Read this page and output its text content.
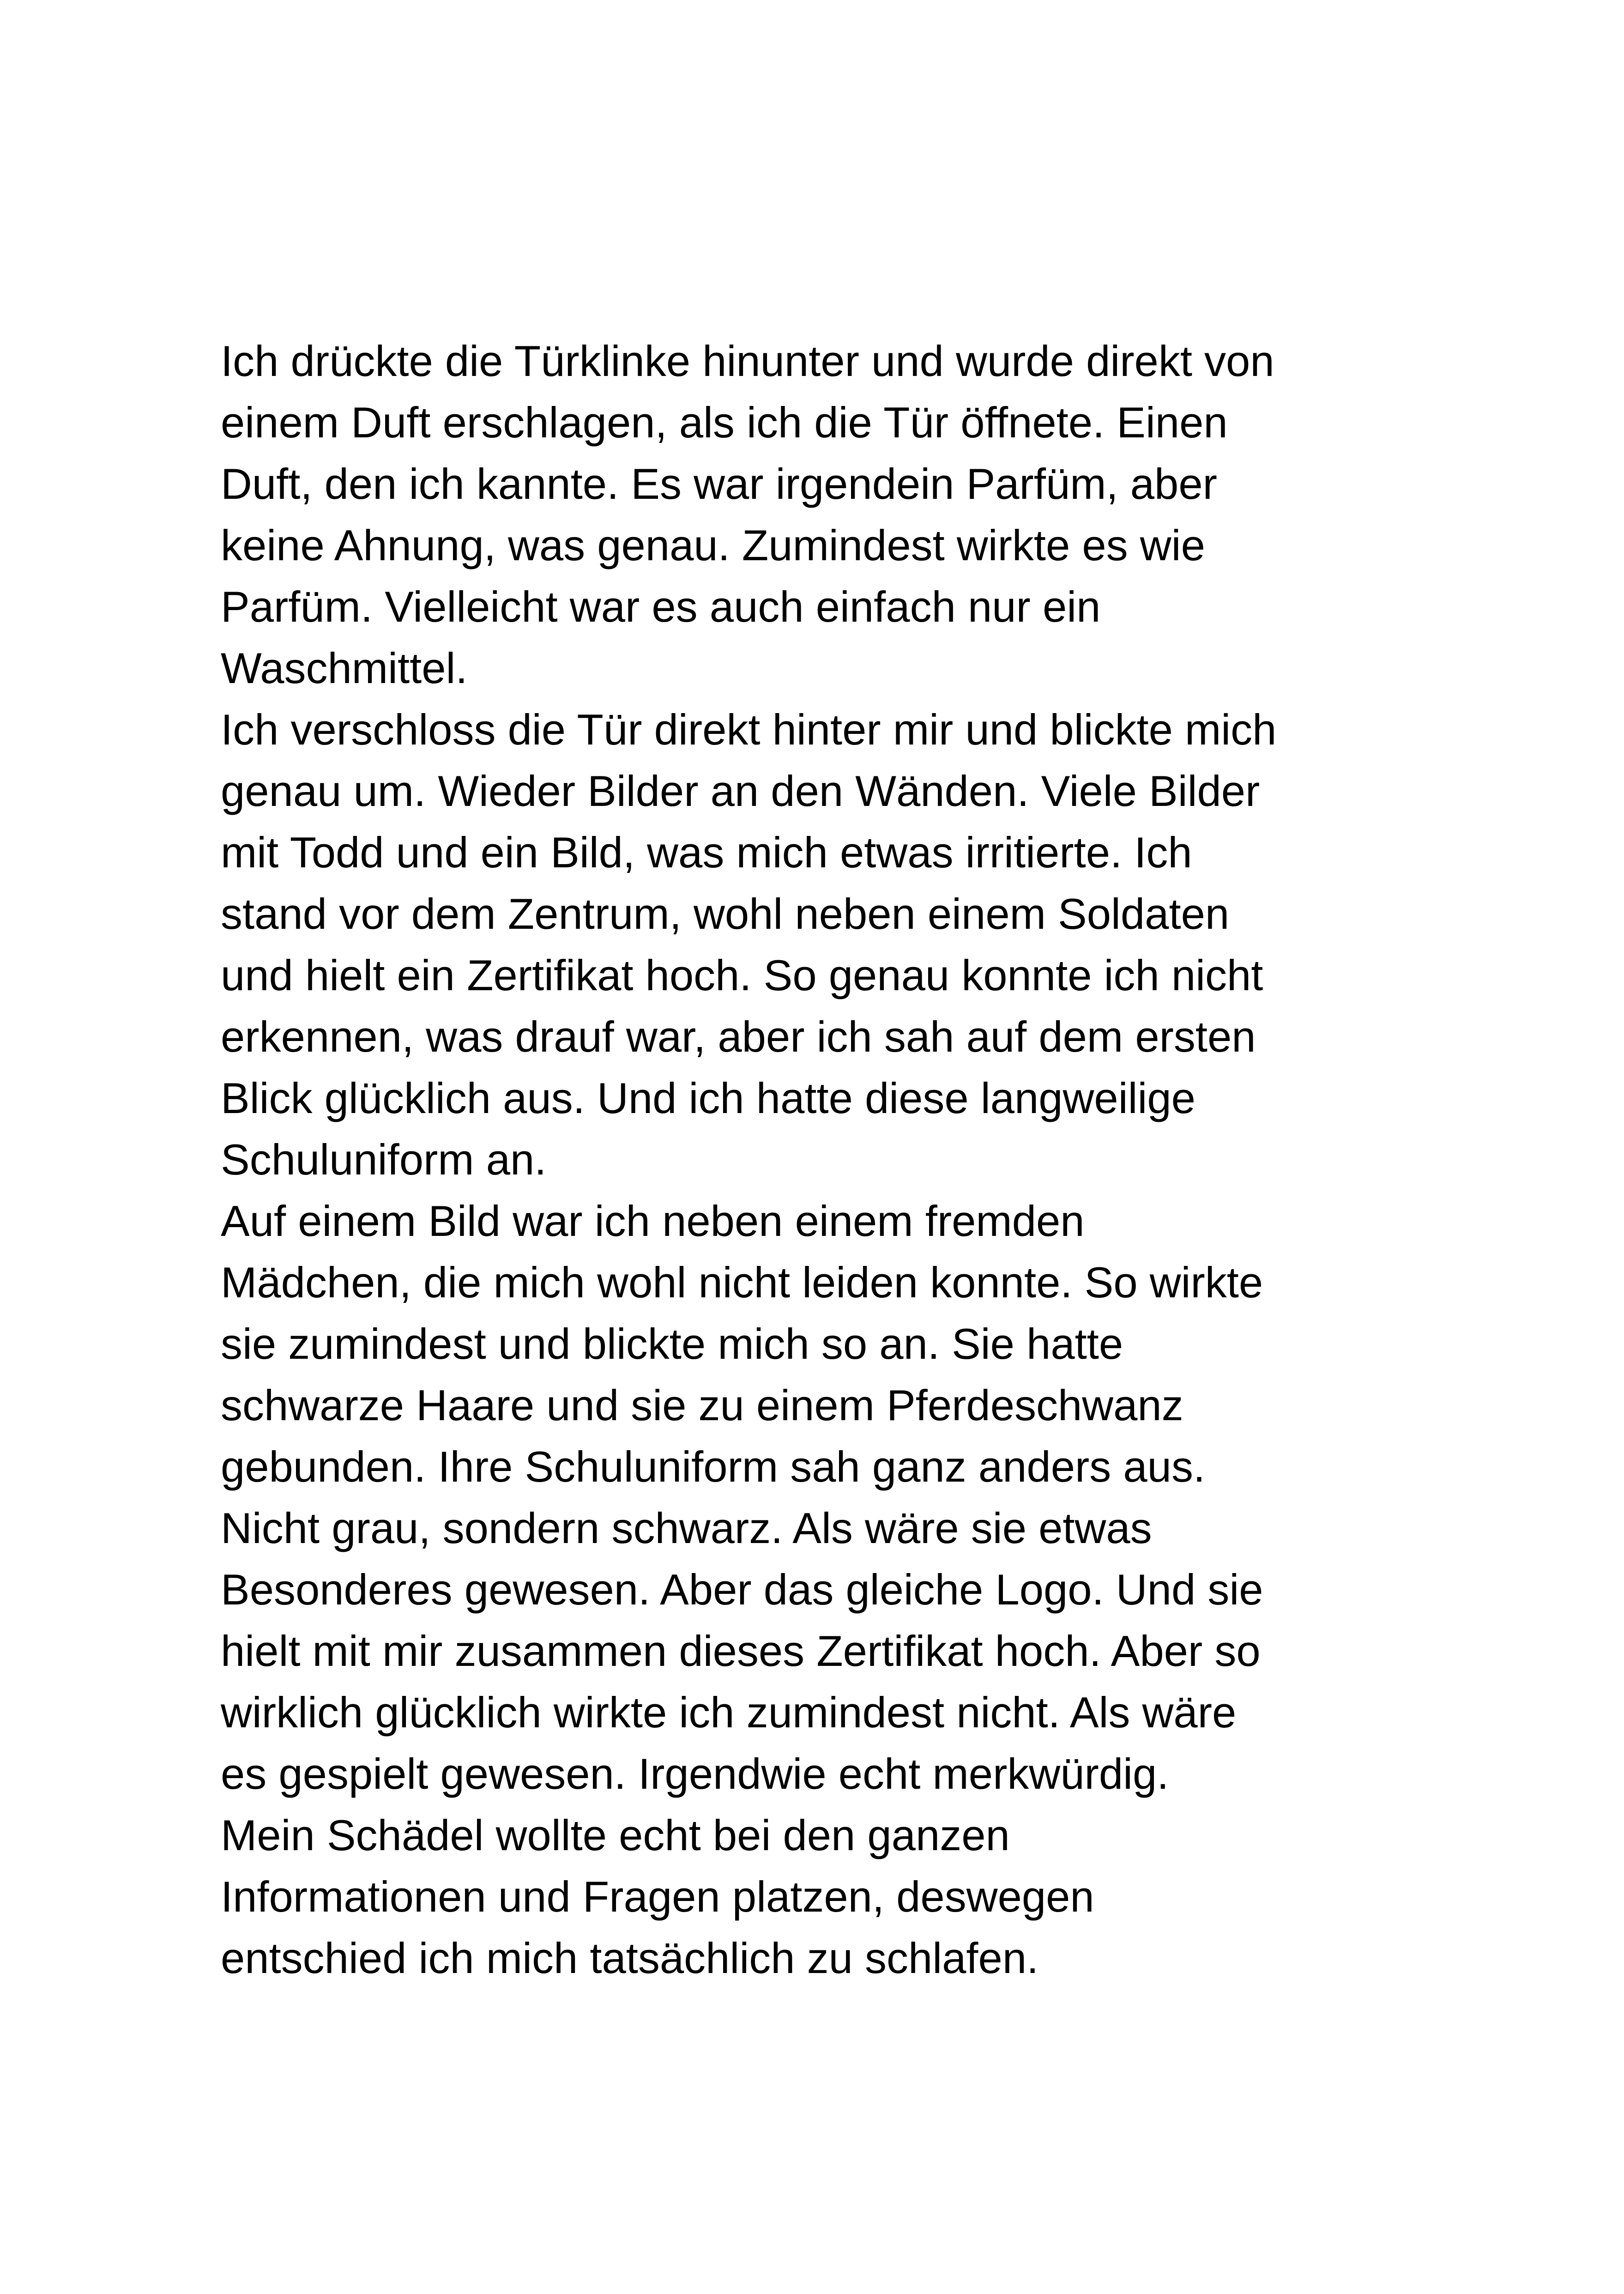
Ich drückte die Türklinke hinunter und wurde direkt von
einem Duft erschlagen, als ich die Tür öffnete. Einen
Duft, den ich kannte. Es war irgendein Parfüm, aber
keine Ahnung, was genau. Zumindest wirkte es wie
Parfüm. Vielleicht war es auch einfach nur ein
Waschmittel.
Ich verschloss die Tür direkt hinter mir und blickte mich
genau um. Wieder Bilder an den Wänden. Viele Bilder
mit Todd und ein Bild, was mich etwas irritierte. Ich
stand vor dem Zentrum, wohl neben einem Soldaten
und hielt ein Zertifikat hoch. So genau konnte ich nicht
erkennen, was drauf war, aber ich sah auf dem ersten
Blick glücklich aus. Und ich hatte diese langweilige
Schuluniform an.
Auf einem Bild war ich neben einem fremden
Mädchen, die mich wohl nicht leiden konnte. So wirkte
sie zumindest und blickte mich so an. Sie hatte
schwarze Haare und sie zu einem Pferdeschwanz
gebunden. Ihre Schuluniform sah ganz anders aus.
Nicht grau, sondern schwarz. Als wäre sie etwas
Besonderes gewesen. Aber das gleiche Logo. Und sie
hielt mit mir zusammen dieses Zertifikat hoch. Aber so
wirklich glücklich wirkte ich zumindest nicht. Als wäre
es gespielt gewesen. Irgendwie echt merkwürdig.
Mein Schädel wollte echt bei den ganzen
Informationen und Fragen platzen, deswegen
entschied ich mich tatsächlich zu schlafen.
